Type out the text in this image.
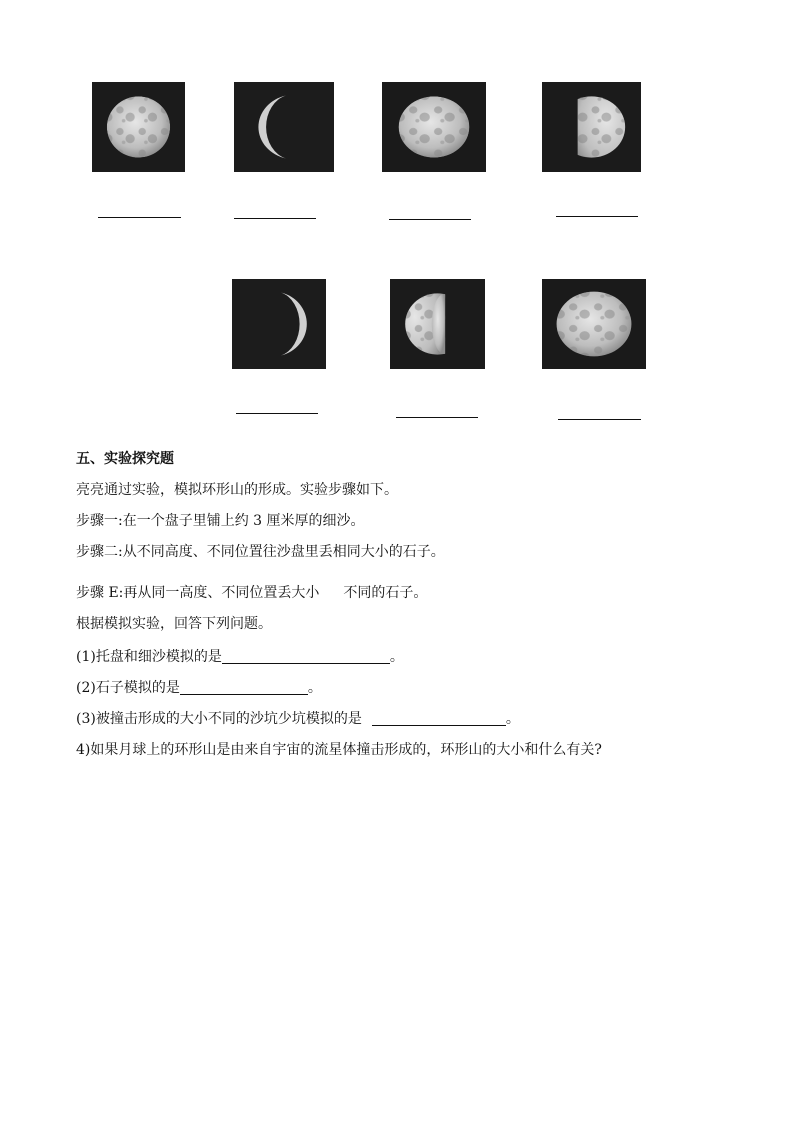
五、实验探究题
亮亮通过实验，模拟环形山的形成。实验步骤如下。
步骤一:在一个盘子里铺上约 3 厘米厚的细沙。
步骤二:从不同高度、不同位置往沙盘里丢相同大小的石子。
步骤 E:再从同一高度、不同位置丢大小 不同的石子。
根据模拟实验，回答下列问题。
(1)托盘和细沙模拟的是	。
(2)石子模拟的是	。
(3)被撞击形成的大小不同的沙坑少坑模拟的是	。
4)如果月球上的环形山是由来自宇宙的流星体撞击形成的，环形山的大小和什么有关?
